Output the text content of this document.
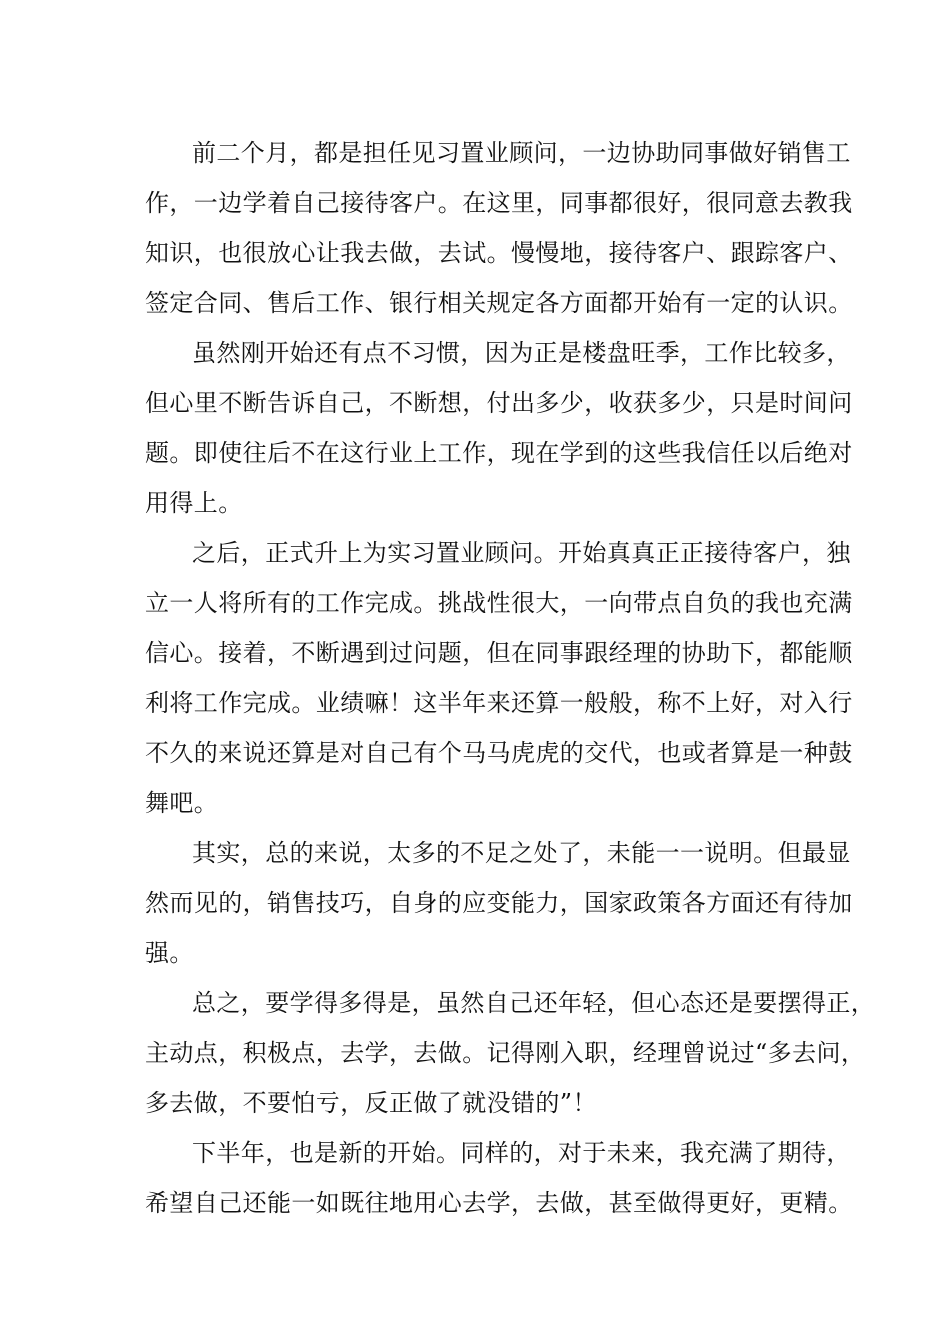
前二个月，都是担任见习置业顾问，一边协助同事做好销售工
作，一边学着自己接待客户。在这里，同事都很好，很同意去教我
知识，也很放心让我去做，去试。慢慢地，接待客户、跟踪客户、
签定合同、售后工作、银行相关规定各方面都开始有一定的认识。
虽然刚开始还有点不习惯，因为正是楼盘旺季，工作比较多，
但心里不断告诉自己，不断想，付出多少，收获多少，只是时间问
题。即使往后不在这行业上工作，现在学到的这些我信任以后绝对
用得上。
之后，正式升上为实习置业顾问。开始真真正正接待客户，独
立一人将所有的工作完成。挑战性很大，一向带点自负的我也充满
信心。接着，不断遇到过问题，但在同事跟经理的协助下，都能顺
利将工作完成。业绩嘛！这半年来还算一般般，称不上好，对入行
不久的来说还算是对自己有个马马虎虎的交代，也或者算是一种鼓
舞吧。
其实，总的来说，太多的不足之处了，未能一一说明。但最显
然而见的，销售技巧，自身的应变能力，国家政策各方面还有待加
强。
总之，要学得多得是，虽然自己还年轻，但心态还是要摆得正，
主动点，积极点，去学，去做。记得刚入职，经理曾说过“多去问，
多去做，不要怕亏，反正做了就没错的”！
下半年，也是新的开始。同样的，对于未来，我充满了期待，
希望自己还能一如既往地用心去学，去做，甚至做得更好，更精。
